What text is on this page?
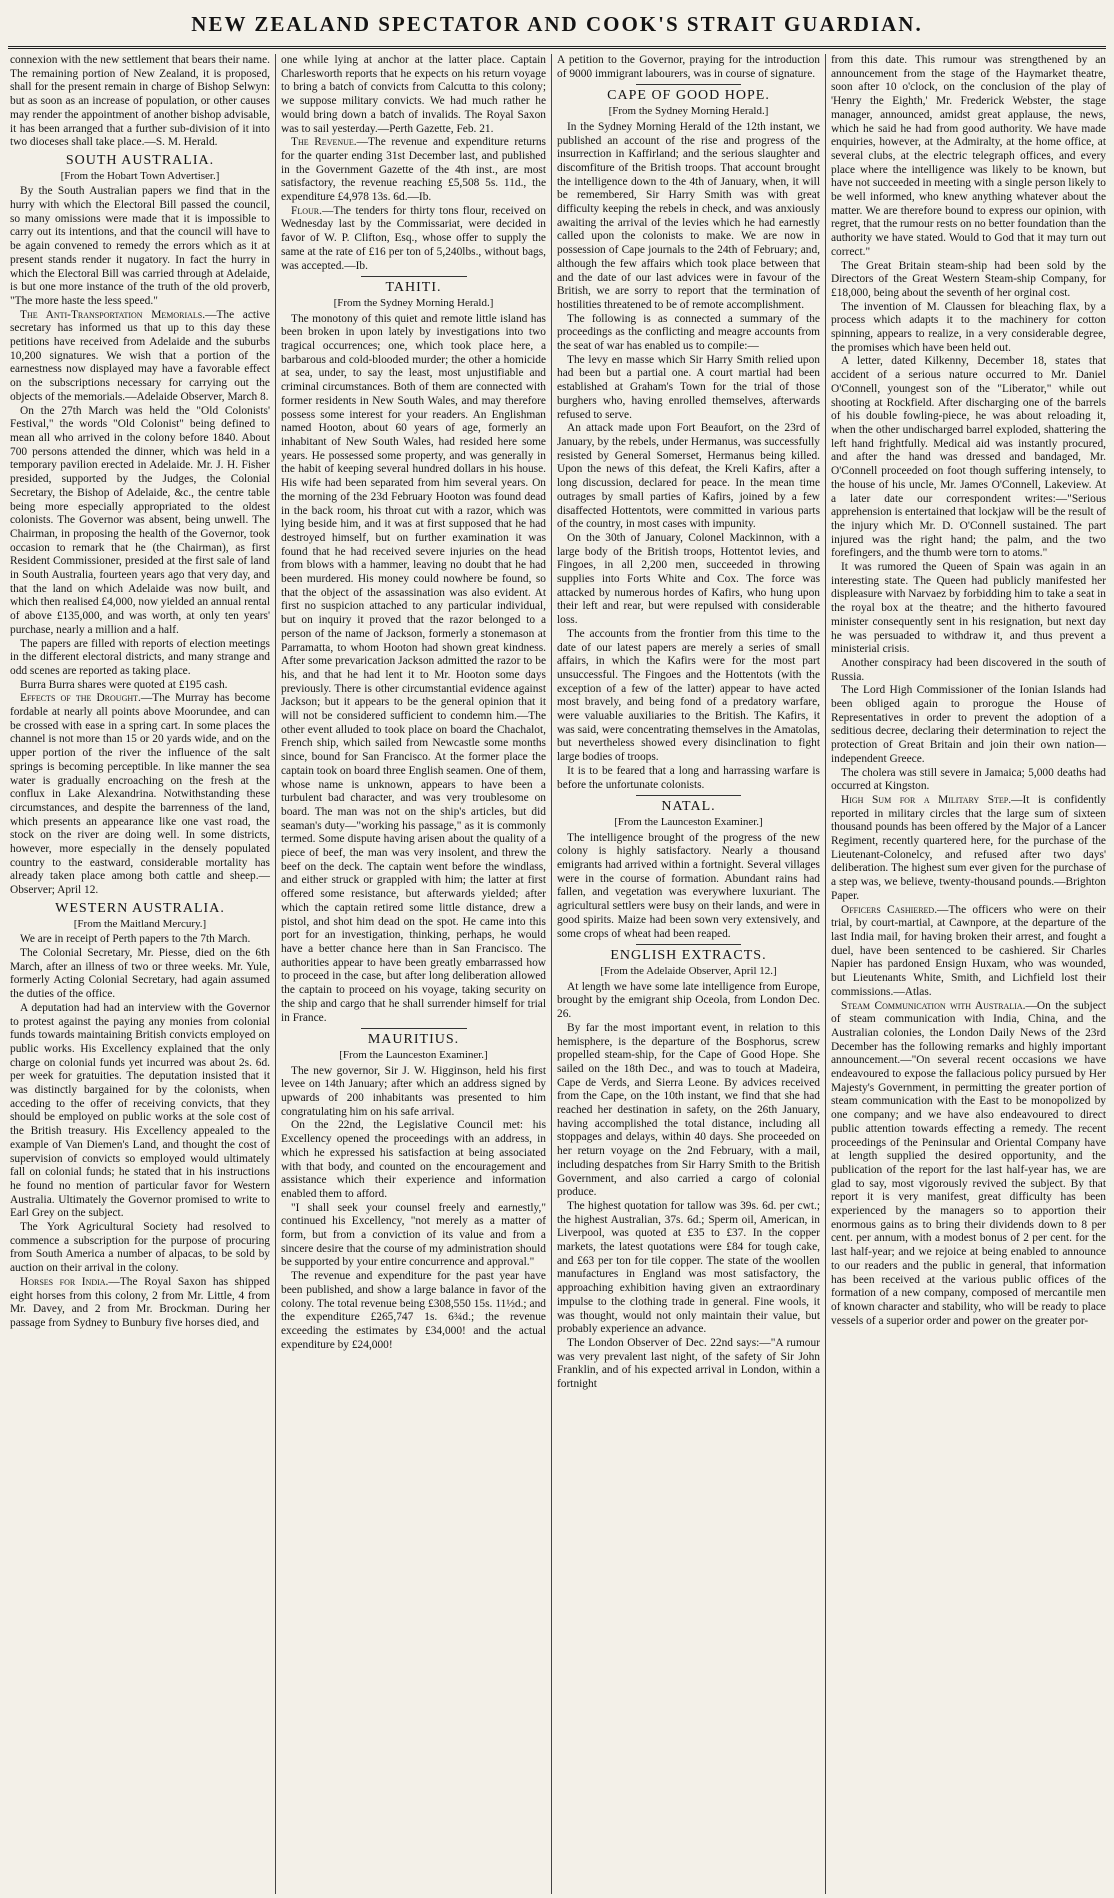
NEW ZEALAND SPECTATOR AND COOK'S STRAIT GUARDIAN.

connexion with the new settlement that bears their name. The remaining portion of New Zealand, it is proposed, shall for the present remain in charge of Bishop Selwyn: but as soon as an increase of population, or other causes may render the appointment of another bishop advisable, it has been arranged that a further sub-division of it into two dioceses shall take place.—S. M. Herald.

SOUTH AUSTRALIA.
[From the Hobart Town Advertiser.]

By the South Australian papers we find that in the hurry with which the Electoral Bill passed the council, so many omissions were made that it is impossible to carry out its intentions, and that the council will have to be again convened to remedy the errors which as it at present stands render it nugatory. In fact the hurry in which the Electoral Bill was carried through at Adelaide, is but one more instance of the truth of the old proverb, "The more haste the less speed."

The Anti-Transportation Memorials.—The active secretary has informed us that up to this day these petitions have received from Adelaide and the suburbs 10,200 signatures. We wish that a portion of the earnestness now displayed may have a favorable effect on the subscriptions necessary for carrying out the objects of the memorials.—Adelaide Observer, March 8.

On the 27th March was held the "Old Colonists' Festival," the words "Old Colonist" being defined to mean all who arrived in the colony before 1840. About 700 persons attended the dinner, which was held in a temporary pavilion erected in Adelaide. Mr. J. H. Fisher presided, supported by the Judges, the Colonial Secretary, the Bishop of Adelaide, &c., the centre table being more especially appropriated to the oldest colonists. The Governor was absent, being unwell. The Chairman, in proposing the health of the Governor, took occasion to remark that he (the Chairman), as first Resident Commissioner, presided at the first sale of land in South Australia, fourteen years ago that very day, and that the land on which Adelaide was now built, and which then realised £4,000, now yielded an annual rental of above £135,000, and was worth, at only ten years' purchase, nearly a million and a half.

The papers are filled with reports of election meetings in the different electoral districts, and many strange and odd scenes are reported as taking place.

Burra Burra shares were quoted at £195 cash.

Effects of the Drought.—The Murray has become fordable at nearly all points above Moorundee, and can be crossed with ease in a spring cart. In some places the channel is not more than 15 or 20 yards wide, and on the upper portion of the river the influence of the salt springs is becoming perceptible. In like manner the sea water is gradually encroaching on the fresh at the conflux in Lake Alexandrina. Notwithstanding these circumstances, and despite the barrenness of the land, which presents an appearance like one vast road, the stock on the river are doing well. In some districts, however, more especially in the densely populated country to the eastward, considerable mortality has already taken place among both cattle and sheep.—Observer; April 12.

WESTERN AUSTRALIA.
[From the Maitland Mercury.]

We are in receipt of Perth papers to the 7th March.

The Colonial Secretary, Mr. Piesse, died on the 6th March, after an illness of two or three weeks. Mr. Yule, formerly Acting Colonial Secretary, had again assumed the duties of the office.

A deputation had had an interview with the Governor to protest against the paying any monies from colonial funds towards maintaining British convicts employed on public works. His Excellency explained that the only charge on colonial funds yet incurred was about 2s. 6d. per week for gratuities. The deputation insisted that it was distinctly bargained for by the colonists, when acceding to the offer of receiving convicts, that they should be employed on public works at the sole cost of the British treasury. His Excellency appealed to the example of Van Diemen's Land, and thought the cost of supervision of convicts so employed would ultimately fall on colonial funds; he stated that in his instructions he found no mention of particular favor for Western Australia. Ultimately the Governor promised to write to Earl Grey on the subject.

The York Agricultural Society had resolved to commence a subscription for the purpose of procuring from South America a number of alpacas, to be sold by auction on their arrival in the colony.

Horses for India.—The Royal Saxon has shipped eight horses from this colony, 2 from Mr. Little, 4 from Mr. Davey, and 2 from Mr. Brockman. During her passage from Sydney to Bunbury five horses died, and

one while lying at anchor at the latter place. Captain Charlesworth reports that he expects on his return voyage to bring a batch of convicts from Calcutta to this colony; we suppose military convicts. We had much rather he would bring down a batch of invalids. The Royal Saxon was to sail yesterday.—Perth Gazette, Feb. 21.

The Revenue.—The revenue and expenditure returns for the quarter ending 31st December last, and published in the Government Gazette of the 4th inst., are most satisfactory, the revenue reaching £5,508 5s. 11d., the expenditure £4,978 13s. 6d.—Ib.

Flour.—The tenders for thirty tons flour, received on Wednesday last by the Commissariat, were decided in favor of W. P. Clifton, Esq., whose offer to supply the same at the rate of £16 per ton of 5,240lbs., without bags, was accepted.—Ib.

TAHITI.
[From the Sydney Morning Herald.]

The monotony of this quiet and remote little island has been broken in upon lately by investigations into two tragical occurrences; one, which took place here, a barbarous and cold-blooded murder; the other a homicide at sea, under, to say the least, most unjustifiable and criminal circumstances. Both of them are connected with former residents in New South Wales, and may therefore possess some interest for your readers. An Englishman named Hooton, about 60 years of age, formerly an inhabitant of New South Wales, had resided here some years. He possessed some property, and was generally in the habit of keeping several hundred dollars in his house. His wife had been separated from him several years. On the morning of the 23d February Hooton was found dead in the back room, his throat cut with a razor, which was lying beside him, and it was at first supposed that he had destroyed himself, but on further examination it was found that he had received severe injuries on the head from blows with a hammer, leaving no doubt that he had been murdered. His money could nowhere be found, so that the object of the assassination was also evident. At first no suspicion attached to any particular individual, but on inquiry it proved that the razor belonged to a person of the name of Jackson, formerly a stonemason at Parramatta, to whom Hooton had shown great kindness. After some prevarication Jackson admitted the razor to be his, and that he had lent it to Mr. Hooton some days previously. There is other circumstantial evidence against Jackson; but it appears to be the general opinion that it will not be considered sufficient to condemn him.—The other event alluded to took place on board the Chachalot, French ship, which sailed from Newcastle some months since, bound for San Francisco. At the former place the captain took on board three English seamen. One of them, whose name is unknown, appears to have been a turbulent bad character, and was very troublesome on board. The man was not on the ship's articles, but did seaman's duty—"working his passage," as it is commonly termed. Some dispute having arisen about the quality of a piece of beef, the man was very insolent, and threw the beef on the deck. The captain went before the windlass, and either struck or grappled with him; the latter at first offered some resistance, but afterwards yielded; after which the captain retired some little distance, drew a pistol, and shot him dead on the spot. He came into this port for an investigation, thinking, perhaps, he would have a better chance here than in San Francisco. The authorities appear to have been greatly embarrassed how to proceed in the case, but after long deliberation allowed the captain to proceed on his voyage, taking security on the ship and cargo that he shall surrender himself for trial in France.

MAURITIUS.
[From the Launceston Examiner.]

The new governor, Sir J. W. Higginson, held his first levee on 14th January; after which an address signed by upwards of 200 inhabitants was presented to him congratulating him on his safe arrival.

On the 22nd, the Legislative Council met: his Excellency opened the proceedings with an address, in which he expressed his satisfaction at being associated with that body, and counted on the encouragement and assistance which their experience and information enabled them to afford.

"I shall seek your counsel freely and earnestly," continued his Excellency, "not merely as a matter of form, but from a conviction of its value and from a sincere desire that the course of my administration should be supported by your entire concurrence and approval."

The revenue and expenditure for the past year have been published, and show a large balance in favor of the colony. The total revenue being £308,550 15s. 11½d.; and the expenditure £265,747 1s. 6¾d.; the revenue exceeding the estimates by £34,000! and the actual expenditure by £24,000!

A petition to the Governor, praying for the introduction of 9000 immigrant labourers, was in course of signature.

CAPE OF GOOD HOPE.
[From the Sydney Morning Herald.]

In the Sydney Morning Herald of the 12th instant, we published an account of the rise and progress of the insurrection in Kaffirland; and the serious slaughter and discomfiture of the British troops. That account brought the intelligence down to the 4th of January, when, it will be remembered, Sir Harry Smith was with great difficulty keeping the rebels in check, and was anxiously awaiting the arrival of the levies which he had earnestly called upon the colonists to make. We are now in possession of Cape journals to the 24th of February; and, although the few affairs which took place between that and the date of our last advices were in favour of the British, we are sorry to report that the termination of hostilities threatened to be of remote accomplishment.

The following is as connected a summary of the proceedings as the conflicting and meagre accounts from the seat of war has enabled us to compile:—

The levy en masse which Sir Harry Smith relied upon had been but a partial one. A court martial had been established at Graham's Town for the trial of those burghers who, having enrolled themselves, afterwards refused to serve.

An attack made upon Fort Beaufort, on the 23rd of January, by the rebels, under Hermanus, was successfully resisted by General Somerset, Hermanus being killed. Upon the news of this defeat, the Kreli Kafirs, after a long discussion, declared for peace. In the mean time outrages by small parties of Kafirs, joined by a few disaffected Hottentots, were committed in various parts of the country, in most cases with impunity.

On the 30th of January, Colonel Mackinnon, with a large body of the British troops, Hottentot levies, and Fingoes, in all 2,200 men, succeeded in throwing supplies into Forts White and Cox. The force was attacked by numerous hordes of Kafirs, who hung upon their left and rear, but were repulsed with considerable loss.

The accounts from the frontier from this time to the date of our latest papers are merely a series of small affairs, in which the Kafirs were for the most part unsuccessful. The Fingoes and the Hottentots (with the exception of a few of the latter) appear to have acted most bravely, and being fond of a predatory warfare, were valuable auxiliaries to the British. The Kafirs, it was said, were concentrating themselves in the Amatolas, but nevertheless showed every disinclination to fight large bodies of troops.

It is to be feared that a long and harrassing warfare is before the unfortunate colonists.

NATAL.
[From the Launceston Examiner.]

The intelligence brought of the progress of the new colony is highly satisfactory. Nearly a thousand emigrants had arrived within a fortnight. Several villages were in the course of formation. Abundant rains had fallen, and vegetation was everywhere luxuriant. The agricultural settlers were busy on their lands, and were in good spirits. Maize had been sown very extensively, and some crops of wheat had been reaped.

ENGLISH EXTRACTS.
[From the Adelaide Observer, April 12.]

At length we have some late intelligence from Europe, brought by the emigrant ship Oceola, from London Dec. 26.

By far the most important event, in relation to this hemisphere, is the departure of the Bosphorus, screw propelled steam-ship, for the Cape of Good Hope. She sailed on the 18th Dec., and was to touch at Madeira, Cape de Verds, and Sierra Leone. By advices received from the Cape, on the 10th instant, we find that she had reached her destination in safety, on the 26th January, having accomplished the total distance, including all stoppages and delays, within 40 days. She proceeded on her return voyage on the 2nd February, with a mail, including despatches from Sir Harry Smith to the British Government, and also carried a cargo of colonial produce.

The highest quotation for tallow was 39s. 6d. per cwt.; the highest Australian, 37s. 6d.; Sperm oil, American, in Liverpool, was quoted at £35 to £37. In the copper markets, the latest quotations were £84 for tough cake, and £63 per ton for tile copper. The state of the woollen manufactures in England was most satisfactory, the approaching exhibition having given an extraordinary impulse to the clothing trade in general. Fine wools, it was thought, would not only maintain their value, but probably experience an advance.

The London Observer of Dec. 22nd says:—"A rumour was very prevalent last night, of the safety of Sir John Franklin, and of his expected arrival in London, within a fortnight

from this date. This rumour was strengthened by an announcement from the stage of the Haymarket theatre, soon after 10 o'clock, on the conclusion of the play of 'Henry the Eighth,' Mr. Frederick Webster, the stage manager, announced, amidst great applause, the news, which he said he had from good authority. We have made enquiries, however, at the Admiralty, at the home office, at several clubs, at the electric telegraph offices, and every place where the intelligence was likely to be known, but have not succeeded in meeting with a single person likely to be well informed, who knew anything whatever about the matter. We are therefore bound to express our opinion, with regret, that the rumour rests on no better foundation than the authority we have stated. Would to God that it may turn out correct."

The Great Britain steam-ship had been sold by the Directors of the Great Western Steam-ship Company, for £18,000, being about the seventh of her orginal cost.

The invention of M. Claussen for bleaching flax, by a process which adapts it to the machinery for cotton spinning, appears to realize, in a very considerable degree, the promises which have been held out.

A letter, dated Kilkenny, December 18, states that accident of a serious nature occurred to Mr. Daniel O'Connell, youngest son of the "Liberator," while out shooting at Rockfield. After discharging one of the barrels of his double fowling-piece, he was about reloading it, when the other undischarged barrel exploded, shattering the left hand frightfully. Medical aid was instantly procured, and after the hand was dressed and bandaged, Mr. O'Connell proceeded on foot though suffering intensely, to the house of his uncle, Mr. James O'Connell, Lakeview. At a later date our correspondent writes:—"Serious apprehension is entertained that lockjaw will be the result of the injury which Mr. D. O'Connell sustained. The part injured was the right hand; the palm, and the two forefingers, and the thumb were torn to atoms."

It was rumored the Queen of Spain was again in an interesting state. The Queen had publicly manifested her displeasure with Narvaez by forbidding him to take a seat in the royal box at the theatre; and the hitherto favoured minister consequently sent in his resignation, but next day he was persuaded to withdraw it, and thus prevent a ministerial crisis.

Another conspiracy had been discovered in the south of Russia.

The Lord High Commissioner of the Ionian Islands had been obliged again to prorogue the House of Representatives in order to prevent the adoption of a seditious decree, declaring their determination to reject the protection of Great Britain and join their own nation—independent Greece.

The cholera was still severe in Jamaica; 5,000 deaths had occurred at Kingston.

High Sum for a Military Step.—It is confidently reported in military circles that the large sum of sixteen thousand pounds has been offered by the Major of a Lancer Regiment, recently quartered here, for the purchase of the Lieutenant-Colonelcy, and refused after two days' deliberation. The highest sum ever given for the purchase of a step was, we believe, twenty-thousand pounds.—Brighton Paper.

Officers Cashiered.—The officers who were on their trial, by court-martial, at Cawnpore, at the departure of the last India mail, for having broken their arrest, and fought a duel, have been sentenced to be cashiered. Sir Charles Napier has pardoned Ensign Huxam, who was wounded, but Lieutenants White, Smith, and Lichfield lost their commissions.—Atlas.

Steam Communication with Australia.—On the subject of steam communication with India, China, and the Australian colonies, the London Daily News of the 23rd December has the following remarks and highly important announcement.—"On several recent occasions we have endeavoured to expose the fallacious policy pursued by Her Majesty's Government, in permitting the greater portion of steam communication with the East to be monopolized by one company; and we have also endeavoured to direct public attention towards effecting a remedy. The recent proceedings of the Peninsular and Oriental Company have at length supplied the desired opportunity, and the publication of the report for the last half-year has, we are glad to say, most vigorously revived the subject. By that report it is very manifest, great difficulty has been experienced by the managers so to apportion their enormous gains as to bring their dividends down to 8 per cent. per annum, with a modest bonus of 2 per cent. for the last half-year; and we rejoice at being enabled to announce to our readers and the public in general, that information has been received at the various public offices of the formation of a new company, composed of mercantile men of known character and stability, who will be ready to place vessels of a superior order and power on the greater por-
